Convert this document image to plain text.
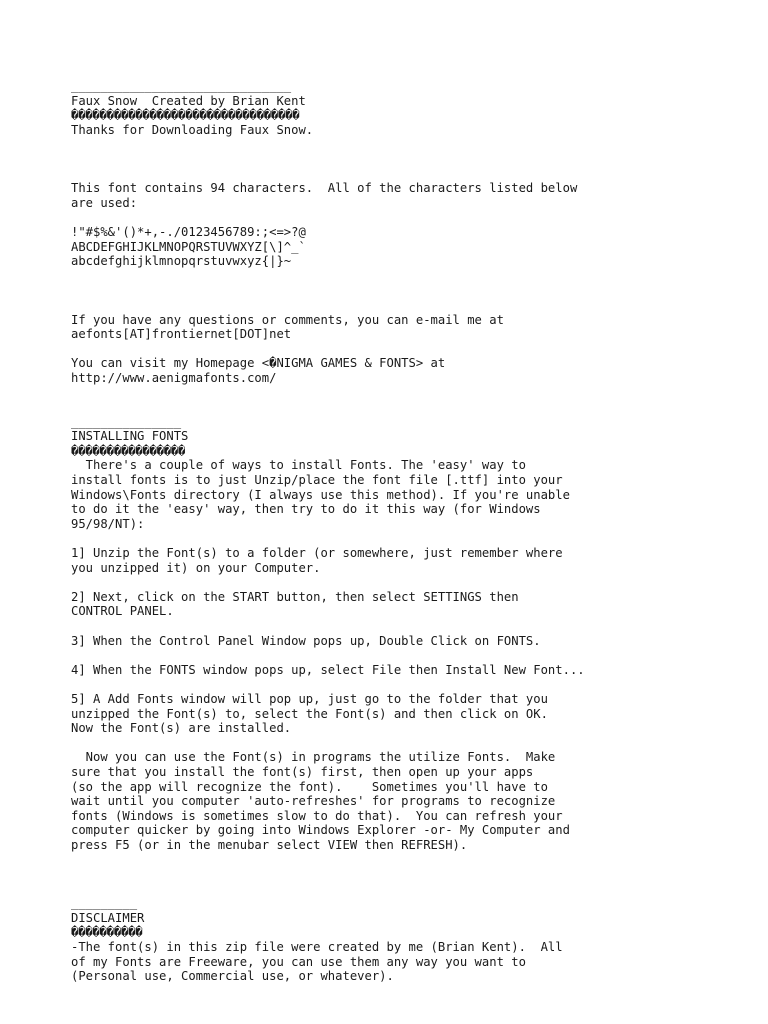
______________________________
Faux Snow  Created by Brian Kent
��������������������������������
Thanks for Downloading Faux Snow.
This font contains 94 characters.  All of the characters listed below
are used:
!"#$%&'()*+,-./0123456789:;<=>?@
ABCDEFGHIJKLMNOPQRSTUVWXYZ[\]^_`
abcdefghijklmnopqrstuvwxyz{|}~
If you have any questions or comments, you can e-mail me at
aefonts[AT]frontiernet[DOT]net
You can visit my Homepage <�NIGMA GAMES & FONTS> at
http://www.aenigmafonts.com/
_______________
INSTALLING FONTS
����������������
There's a couple of ways to install Fonts. The 'easy' way to
install fonts is to just Unzip/place the font file [.ttf] into your
Windows\Fonts directory (I always use this method). If you're unable
to do it the 'easy' way, then try to do it this way (for Windows
95/98/NT):
1] Unzip the Font(s) to a folder (or somewhere, just remember where
you unzipped it) on your Computer.
2] Next, click on the START button, then select SETTINGS then
CONTROL PANEL.
3] When the Control Panel Window pops up, Double Click on FONTS.
4] When the FONTS window pops up, select File then Install New Font...
5] A Add Fonts window will pop up, just go to the folder that you
unzipped the Font(s) to, select the Font(s) and then click on OK.
Now the Font(s) are installed.
Now you can use the Font(s) in programs the utilize Fonts.  Make
sure that you install the font(s) first, then open up your apps
(so the app will recognize the font).    Sometimes you'll have to
wait until you computer 'auto-refreshes' for programs to recognize
fonts (Windows is sometimes slow to do that).  You can refresh your
computer quicker by going into Windows Explorer -or- My Computer and
press F5 (or in the menubar select VIEW then REFRESH).
_________
DISCLAIMER
����������
-The font(s) in this zip file were created by me (Brian Kent).  All
of my Fonts are Freeware, you can use them any way you want to
(Personal use, Commercial use, or whatever).
